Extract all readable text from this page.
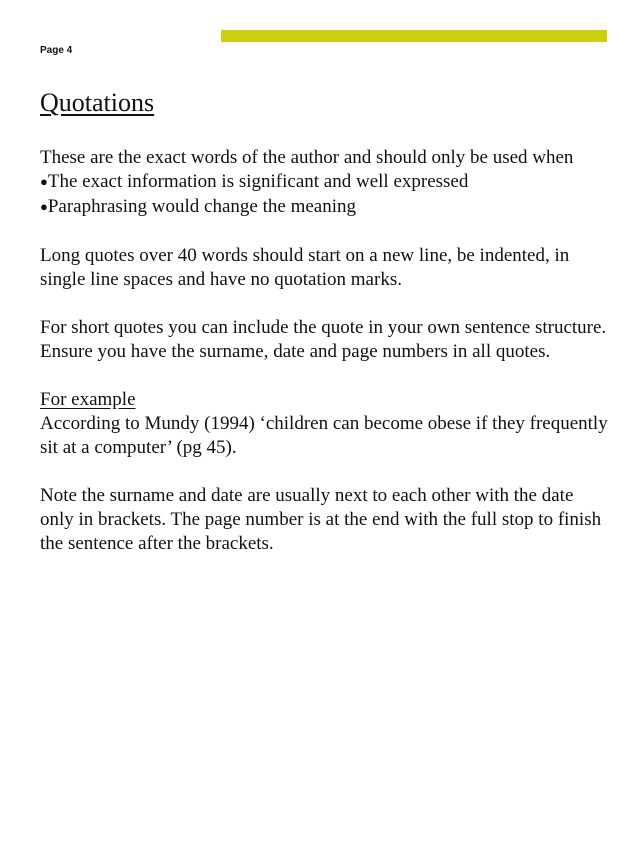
Page 4
Quotations

These are the exact words of the author and should only be used when

●The exact information is significant and well expressed
●Paraphrasing would change the meaning

Long quotes over 40 words should start on a new line, be indented, in single line spaces and have no quotation marks.

For short quotes you can include the quote in your own sentence structure. Ensure you have the surname, date and page numbers in all quotes.

For example

According to Mundy (1994) ‘children can become obese if they frequently sit at a computer’ (pg 45).

Note the surname and date are usually next to each other with the date only in brackets. The page number is at the end with the full stop to finish the sentence after the brackets.
